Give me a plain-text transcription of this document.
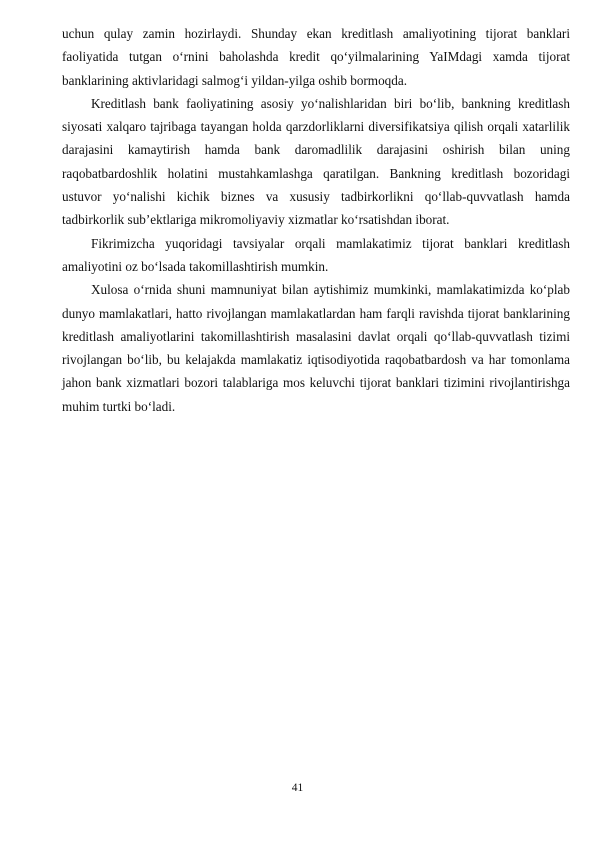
uchun qulay zamin hozirlaydi. Shunday ekan kreditlash amaliyotining tijorat banklari faoliyatida tutgan o‘rnini baholashda kredit qo‘yilmalarining YaIMdagi xamda tijorat banklarining aktivlaridagi salmog‘i yildan-yilga oshib bormoqda.

Kreditlash bank faoliyatining asosiy yo‘nalishlaridan biri bo‘lib, bankning kreditlash siyosati xalqaro tajribaga tayangan holda qarzdorliklarni diversifikatsiya qilish orqali xatarlilik darajasini kamaytirish hamda bank daromadlilik darajasini oshirish bilan uning raqobatbardoshlik holatini mustahkamlashga qaratilgan. Bankning kreditlash bozoridagi ustuvor yo‘nalishi kichik biznes va xususiy tadbirkorlikni qo‘llab-quvvatlash hamda tadbirkorlik sub’ektlariga mikromoliyaviy xizmatlar ko‘rsatishdan iborat.

Fikrimizcha yuqoridagi tavsiyalar orqali mamlakatimiz tijorat banklari kreditlash amaliyotini oz bo‘lsada takomillashtirish mumkin.

Xulosa o‘rnida shuni mamnuniyat bilan aytishimiz mumkinki, mamlakatimizda ko‘plab dunyo mamlakatlari, hatto rivojlangan mamlakatlardan ham farqli ravishda tijorat banklarining kreditlash amaliyotlarini takomillashtirish masalasini davlat orqali qo‘llab-quvvatlash tizimi rivojlangan bo‘lib, bu kelajakda mamlakatiz iqtisodiyotida raqobatbardosh va har tomonlama jahon bank xizmatlari bozori talablariga mos keluvchi tijorat banklari tizimini rivojlantirishga muhim turtki bo‘ladi.

41
